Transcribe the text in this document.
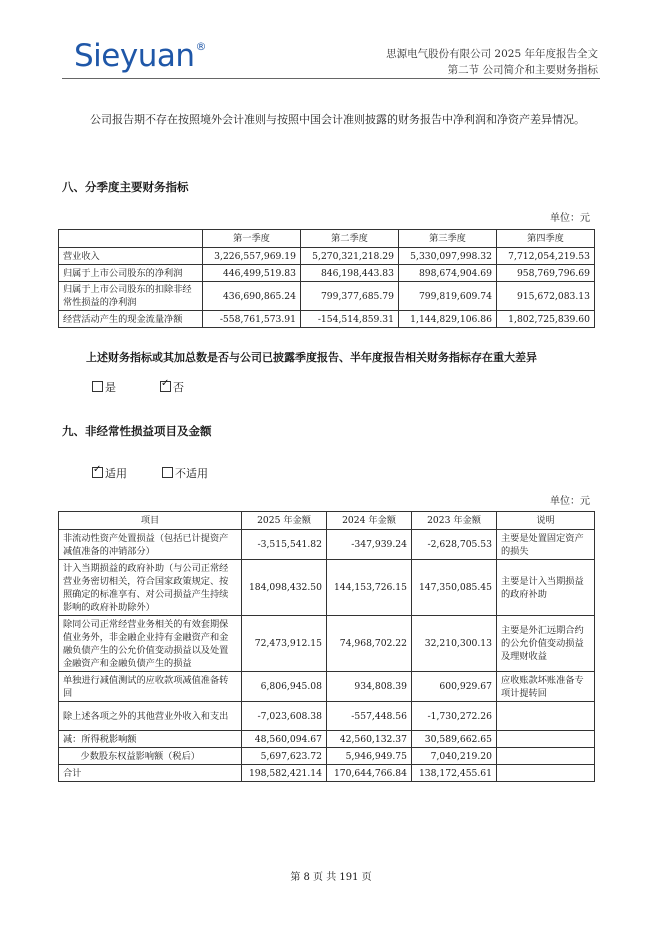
Sieyuan®
思源电气股份有限公司 2025 年年度报告全文
第二节 公司简介和主要财务指标
公司报告期不存在按照境外会计准则与按照中国会计准则披露的财务报告中净利润和净资产差异情况。
八、分季度主要财务指标
单位：元
	第一季度	第二季度	第三季度	第四季度
营业收入	3,226,557,969.19	5,270,321,218.29	5,330,097,998.32	7,712,054,219.53
归属于上市公司股东的净利润	446,499,519.83	846,198,443.83	898,674,904.69	958,769,796.69
归属于上市公司股东的扣除非经常性损益的净利润	436,690,865.24	799,377,685.79	799,819,609.74	915,672,083.13
经营活动产生的现金流量净额	-558,761,573.91	-154,514,859.31	1,144,829,106.86	1,802,725,839.60
上述财务指标或其加总数是否与公司已披露季度报告、半年度报告相关财务指标存在重大差异
是 ✓	否
九、非经常性损益项目及金额
✓适用	不适用
单位：元
项目	2025 年金额	2024 年金额	2023 年金额	说明
非流动性资产处置损益（包括已计提资产减值准备的冲销部分）	-3,515,541.82	-347,939.24	-2,628,705.53	主要是处置固定资产的损失
计入当期损益的政府补助（与公司正常经营业务密切相关，符合国家政策规定、按照确定的标准享有、对公司损益产生持续影响的政府补助除外）	184,098,432.50	144,153,726.15	147,350,085.45	主要是计入当期损益的政府补助
除同公司正常经营业务相关的有效套期保值业务外，非金融企业持有金融资产和金融负债产生的公允价值变动损益以及处置金融资产和金融负债产生的损益	72,473,912.15	74,968,702.22	32,210,300.13	主要是外汇远期合约的公允价值变动损益及理财收益
单独进行减值测试的应收款项减值准备转回	6,806,945.08	934,808.39	600,929.67	应收账款坏账准备专项计提转回
除上述各项之外的其他营业外收入和支出	-7,023,608.38	-557,448.56	-1,730,272.26	
减：所得税影响额	48,560,094.67	42,560,132.37	30,589,662.65	
少数股东权益影响额（税后）	5,697,623.72	5,946,949.75	7,040,219.20	
合计	198,582,421.14	170,644,766.84	138,172,455.61	
第 8 页 共 191 页
